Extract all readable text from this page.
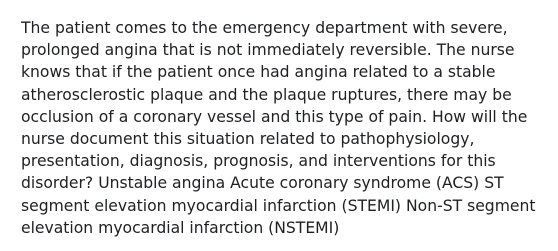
The patient comes to the emergency department with severe, prolonged angina that is not immediately reversible. The nurse knows that if the patient once had angina related to a stable atherosclerostic plaque and the plaque ruptures, there may be occlusion of a coronary vessel and this type of pain. How will the nurse document this situation related to pathophysiology, presentation, diagnosis, prognosis, and interventions for this disorder? Unstable angina Acute coronary syndrome (ACS) ST segment elevation myocardial infarction (STEMI) Non-ST segment elevation myocardial infarction (NSTEMI)
